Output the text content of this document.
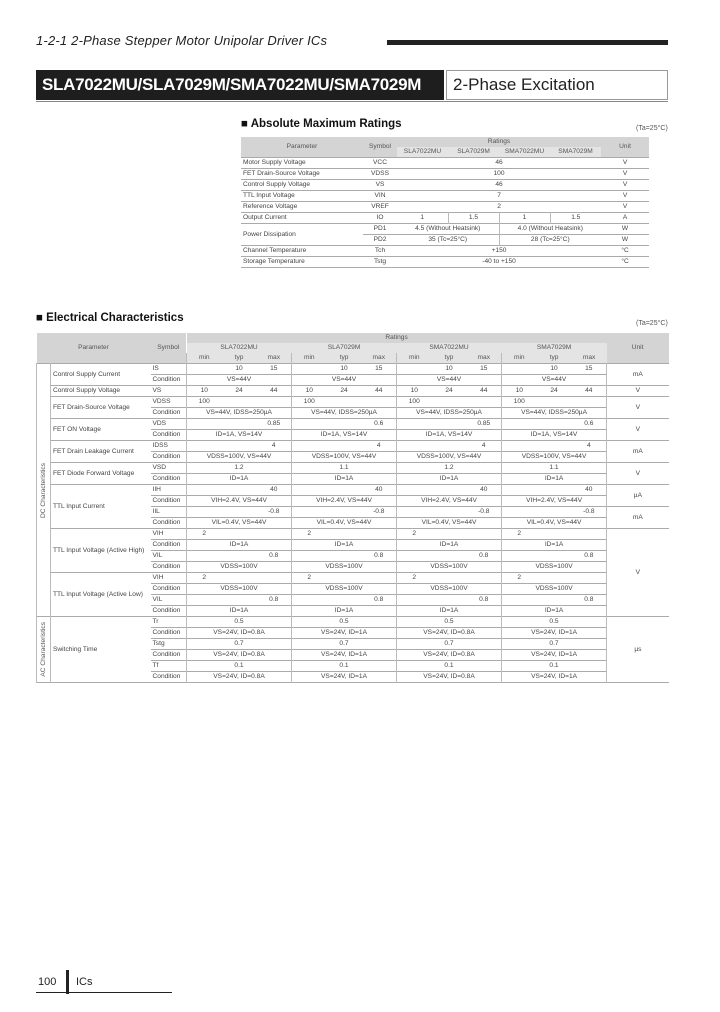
1-2-1 2-Phase Stepper Motor Unipolar Driver ICs
SLA7022MU/SLA7029M/SMA7022MU/SMA7029M	2-Phase Excitation
■ Absolute Maximum Ratings	(Ta=25°C)
Parameter	Symbol	Ratings				Unit
		SLA7022MU	SLA7029M	SMA7022MU	SMA7029M	
Motor Supply Voltage	VCC	46				V
FET Drain-Source Voltage	VDSS	100				V
Control Supply Voltage	VS	46				V
TTL Input Voltage	VIN	7				V
Reference Voltage	VREF	2				V
Output Current	IO	1	1.5	1	1.5	A
Power Dissipation	PD1	4.5 (Without Heatsink)		4.0 (Without Heatsink)		W
	PD2	35 (Tc=25°C)		28 (Tc=25°C)		W
Channel Temperature	Tch	+150				°C
Storage Temperature	Tstg	-40 to +150				°C
■ Electrical Characteristics	(Ta=25°C)
Parameter		Symbol	Ratings												Unit
			SLA7022MU			SLA7029M			SMA7022MU			SMA7029M			
			min	typ	max	min	typ	max	min	typ	max	min	typ	max	

DC Characteristics	Control Supply Current	IS		10	15		10	15		10	15		10	15	mA
		Condition	VS=44V			VS=44V			VS=44V			VS=44V			
	Control Supply Voltage	VS	10	24	44	10	24	44	10	24	44	10	24	44	V
	FET Drain-Source Voltage	VDSS	100			100			100			100			V
		Condition	VS=44V, IDSS=250µA			VS=44V, IDSS=250µA			VS=44V, IDSS=250µA			VS=44V, IDSS=250µA			
	FET ON Voltage	VDS			0.85			0.6			0.85			0.6	V
		Condition	ID=1A, VS=14V			ID=1A, VS=14V			ID=1A, VS=14V			ID=1A, VS=14V			
	FET Drain Leakage Current	IDSS			4			4			4			4	mA
		Condition	VDSS=100V, VS=44V			VDSS=100V, VS=44V			VDSS=100V, VS=44V			VDSS=100V, VS=44V			
	FET Diode Forward Voltage	VSD		1.2			1.1			1.2			1.1		V
		Condition	ID=1A			ID=1A			ID=1A			ID=1A			
	TTL Input Current	IIH			40			40			40			40	µA
		Condition	VIH=2.4V, VS=44V			VIH=2.4V, VS=44V			VIH=2.4V, VS=44V			VIH=2.4V, VS=44V			
		IIL			-0.8			-0.8			-0.8			-0.8	mA
		Condition	VIL=0.4V, VS=44V			VIL=0.4V, VS=44V			VIL=0.4V, VS=44V			VIL=0.4V, VS=44V			
	TTL Input Voltage (Active High)	VIH	2			2			2			2			V
		Condition	ID=1A			ID=1A			ID=1A			ID=1A			
		VIL			0.8			0.8			0.8			0.8	
		Condition	VDSS=100V			VDSS=100V			VDSS=100V			VDSS=100V			
	TTL Input Voltage (Active Low)	VIH	2			2			2			2			
		Condition	VDSS=100V			VDSS=100V			VDSS=100V			VDSS=100V			
		VIL			0.8			0.8			0.8			0.8	
		Condition	ID=1A			ID=1A			ID=1A			ID=1A			

AC Characteristics	Switching Time	Tr		0.5			0.5			0.5			0.5		µs
		Condition	VS=24V, ID=0.8A			VS=24V, ID=1A			VS=24V, ID=0.8A			VS=24V, ID=1A			
		Tstg		0.7			0.7			0.7			0.7		
		Condition	VS=24V, ID=0.8A			VS=24V, ID=1A			VS=24V, ID=0.8A			VS=24V, ID=1A			
		Tf		0.1			0.1			0.1			0.1		
		Condition	VS=24V, ID=0.8A			VS=24V, ID=1A			VS=24V, ID=0.8A			VS=24V, ID=1A			
100 ICs
